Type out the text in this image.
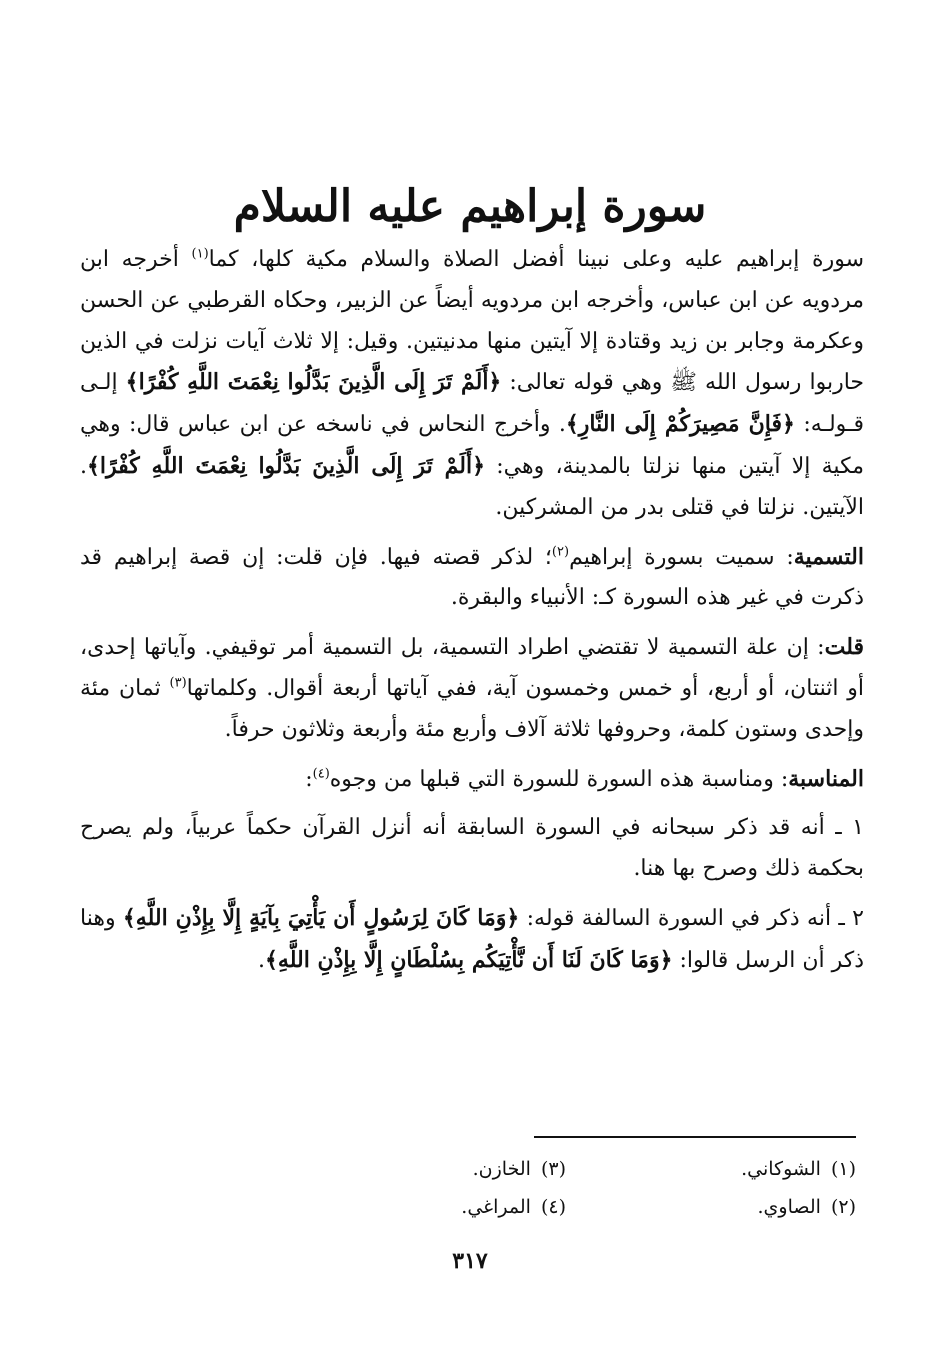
سورة إبراهيم عليه السلام

سورة إبراهيم عليه وعلى نبينا أفضل الصلاة والسلام مكية كلها، كما$^{(١)}$ أخرجه ابن مردويه عن ابن عباس، وأخرجه ابن مردويه أيضاً عن الزبير، وحكاه القرطبي عن الحسن وعكرمة وجابر بن زيد وقتادة إلا آيتين منها مدنيتين. وقيل: إلا ثلاث آيات نزلت في الذين حاربوا رسول الله ﷺ وهي قوله تعالى: ﴿أَلَمْ تَرَ إِلَى الَّذِينَ بَدَّلُوا نِعْمَتَ اللَّهِ كُفْرًا﴾ إلـى قـولـه: ﴿فَإِنَّ مَصِيرَكُمْ إِلَى النَّارِ﴾. وأخرج النحاس في ناسخه عن ابن عباس قال: وهي مكية إلا آيتين منها نزلتا بالمدينة، وهي: ﴿أَلَمْ تَرَ إِلَى الَّذِينَ بَدَّلُوا نِعْمَتَ اللَّهِ كُفْرًا﴾. الآيتين. نزلتا في قتلى بدر من المشركين.

التسمية: سميت بسورة إبراهيم$^{(٢)}$؛ لذكر قصته فيها. فإن قلت: إن قصة إبراهيم قد ذكرت في غير هذه السورة كـ: الأنبياء والبقرة.

قلت: إن علة التسمية لا تقتضي اطراد التسمية، بل التسمية أمر توقيفي. وآياتها إحدى، أو اثنتان، أو أربع، أو خمس وخمسون آية، ففي آياتها أربعة أقوال. وكلماتها$^{(٣)}$ ثمان مئة وإحدى وستون كلمة، وحروفها ثلاثة آلاف وأربع مئة وأربعة وثلاثون حرفاً.

المناسبة: ومناسبة هذه السورة للسورة التي قبلها من وجوه$^{(٤)}$:

١ ـ أنه قد ذكر سبحانه في السورة السابقة أنه أنزل القرآن حكماً عربياً، ولم يصرح بحكمة ذلك وصرح بها هنا.

٢ ـ أنه ذكر في السورة السالفة قوله: ﴿وَمَا كَانَ لِرَسُولٍ أَن يَأْتِيَ بِآيَةٍ إِلَّا بِإِذْنِ اللَّهِ﴾ وهنا ذكر أن الرسل قالوا: ﴿وَمَا كَانَ لَنَا أَن نَّأْتِيَكُم بِسُلْطَانٍ إِلَّا بِإِذْنِ اللَّهِ﴾.

(١)الشوكاني.
(٢)الصاوي.
(٣)الخازن.
(٤)المراغي.
٣١٧
